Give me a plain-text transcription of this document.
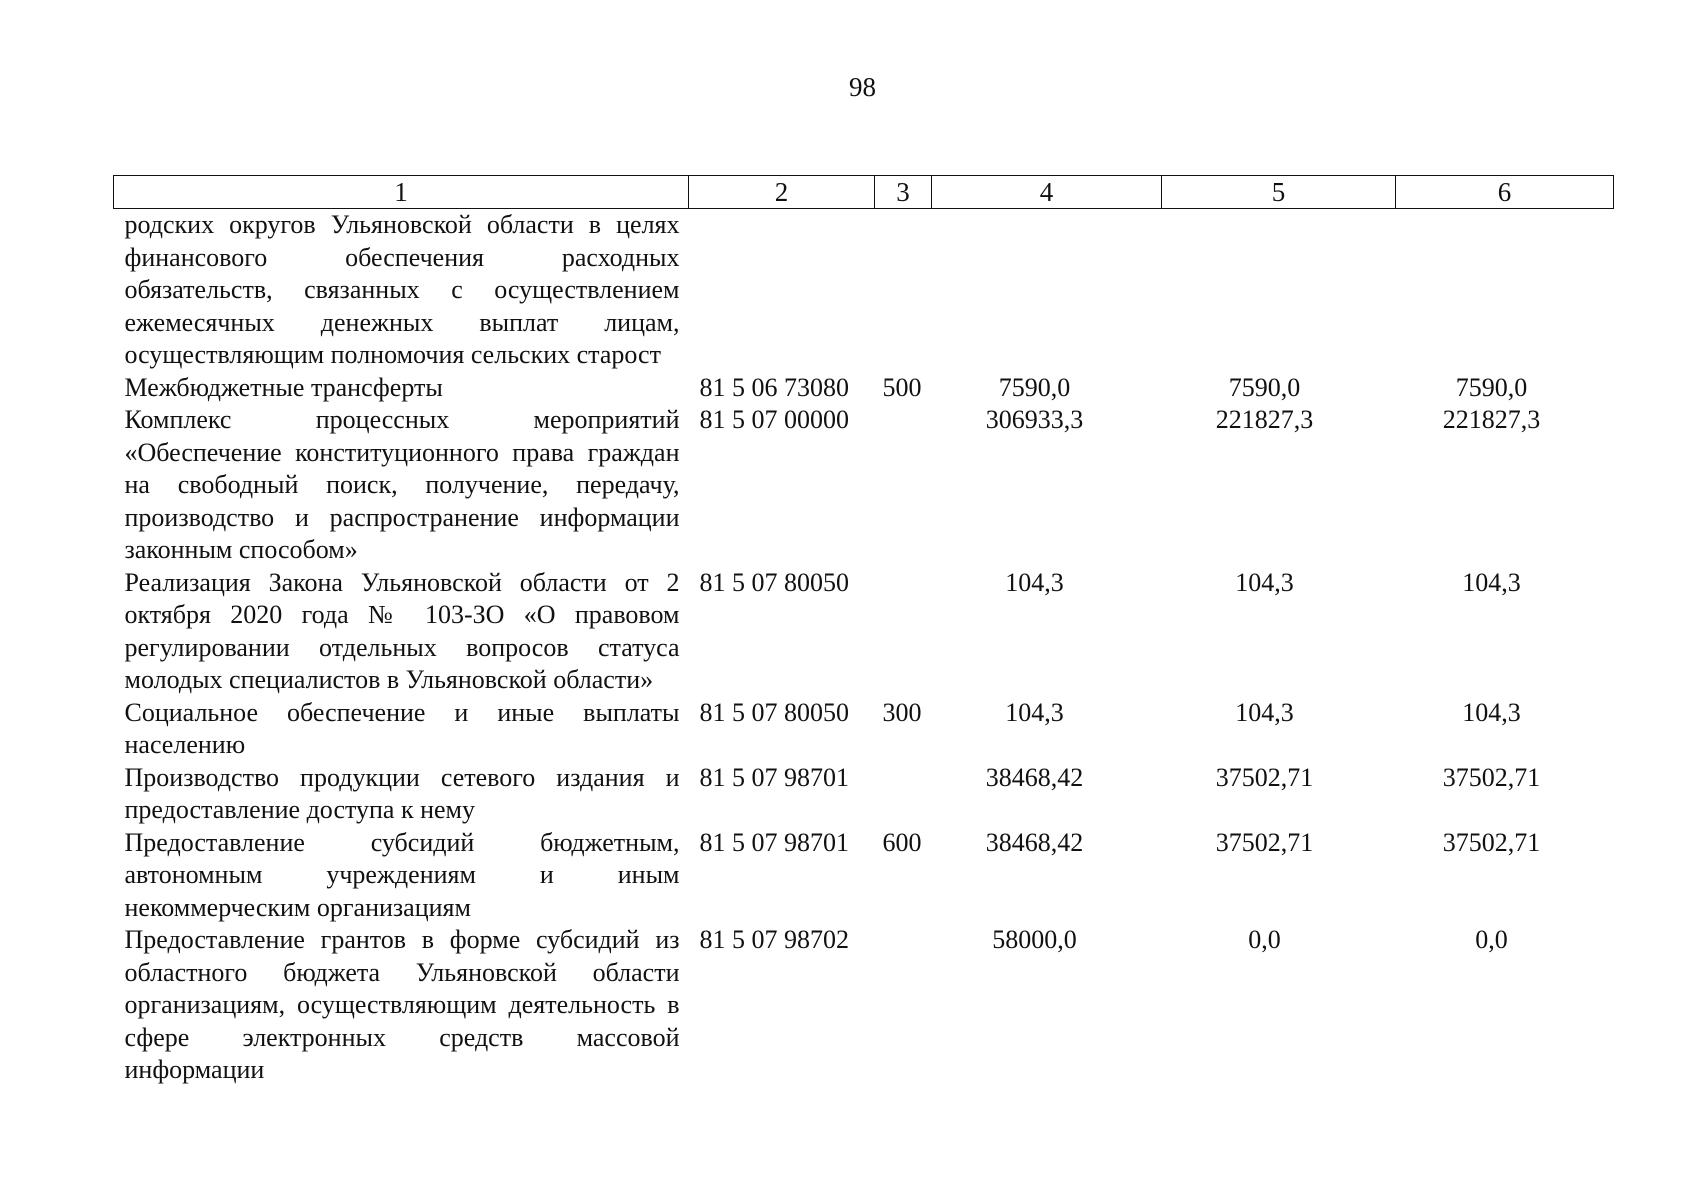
98
1	2	3	4	5	6
родских округов Ульяновской области в целях финансового обеспечения расходных обязательств, связанных с осуществлением ежемесячных денежных выплат лицам, осуществляющим полномочия сельских старост					
Межбюджетные трансферты	81 5 06 73080	500	7590,0	7590,0	7590,0
Комплекс процессных мероприятий «Обеспечение конституционного права граждан на свободный поиск, получение, передачу, производство и распространение информации законным способом»	81 5 07 00000		306933,3	221827,3	221827,3
Реализация Закона Ульяновской области от 2 октября 2020 года № 103-ЗО «О правовом регулировании отдельных вопросов статуса молодых специалистов в Ульяновской области»	81 5 07 80050		104,3	104,3	104,3
Социальное обеспечение и иные выплаты населению	81 5 07 80050	300	104,3	104,3	104,3
Производство продукции сетевого издания и предоставление доступа к нему	81 5 07 98701		38468,42	37502,71	37502,71
Предоставление субсидий бюджетным, автономным учреждениям и иным некоммерческим организациям	81 5 07 98701	600	38468,42	37502,71	37502,71
Предоставление грантов в форме субсидий из областного бюджета Ульяновской области организациям, осуществляющим деятельность в сфере электронных средств массовой информации	81 5 07 98702		58000,0	0,0	0,0
